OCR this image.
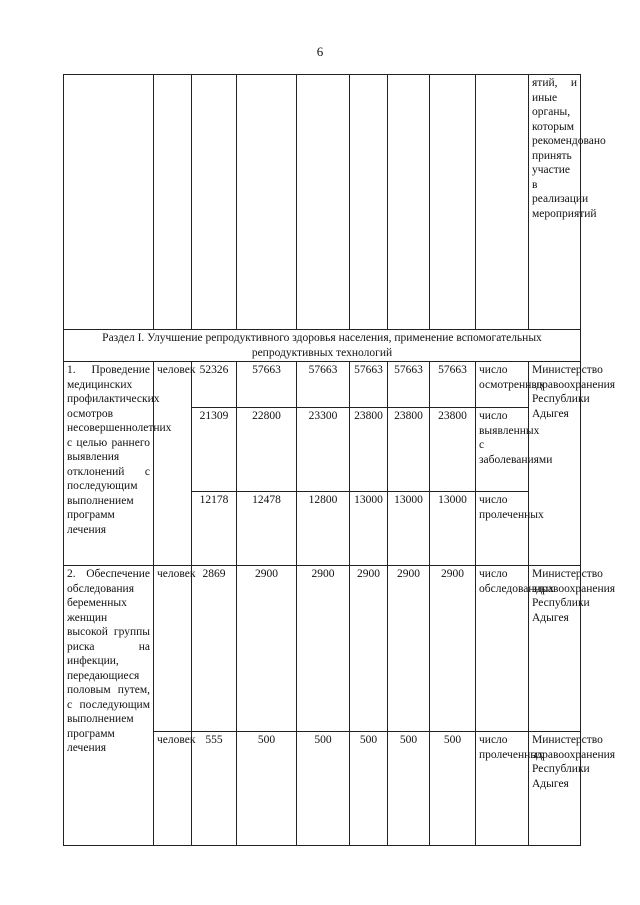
6
									ятий, и иные органы, которым рекомендовано принять участие в реализации мероприятий
Раздел I. Улучшение репродуктивного здоровья населения, применение вспомогательных репродуктивных технологий									
1. Проведение медицинских профилактических осмотров несовершеннолетних с целью раннего выявления отклонений с последующим выполнением программ лечения	человек	52326	57663	57663	57663	57663	57663	число осмотренных	Министерство здравоохранения Республики Адыгея
		21309	22800	23300	23800	23800	23800	число выявленных с заболеваниями	
		12178	12478	12800	13000	13000	13000	число пролеченных	
2. Обеспечение обследования беременных женщин высокой группы риска на инфекции, передающиеся половым путем, с последующим выполнением программ лечения	человек	2869	2900	2900	2900	2900	2900	число обследованных	Министерство здравоохранения Республики Адыгея
	человек	555	500	500	500	500	500	число пролеченных	Министерство здравоохранения Республики Адыгея
